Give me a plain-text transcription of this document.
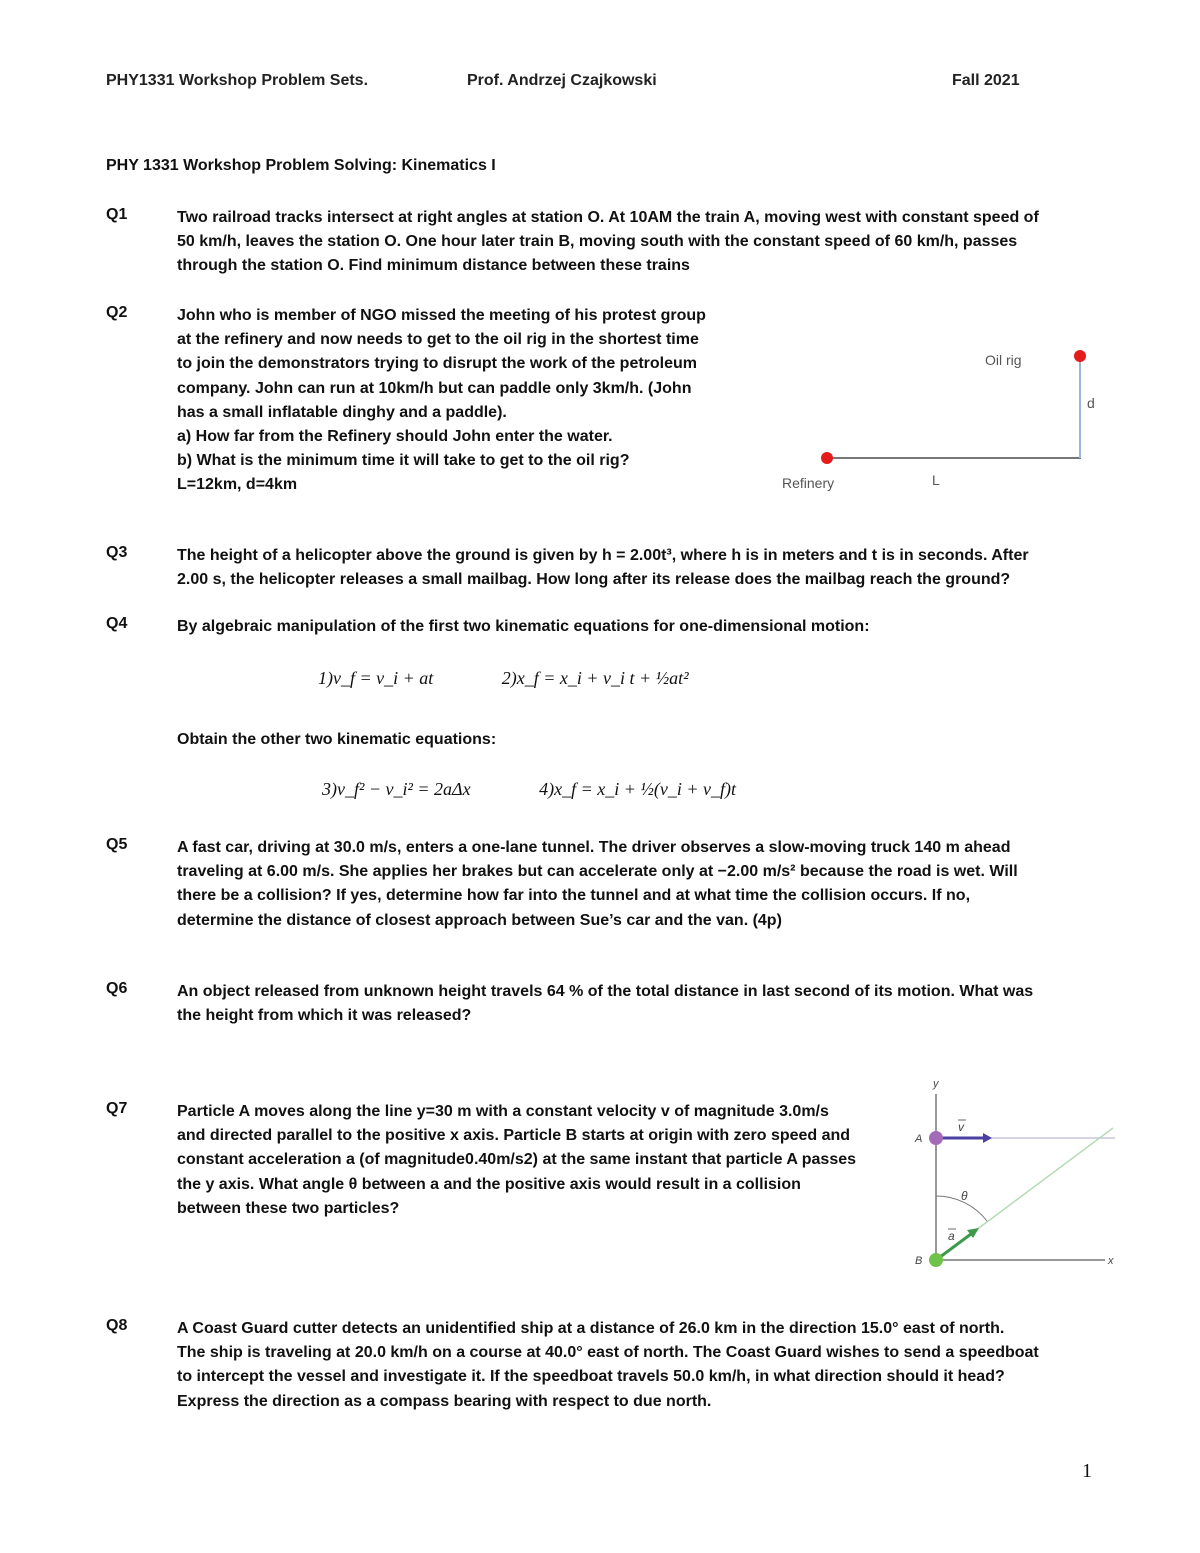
PHY1331 Workshop Problem Sets.	Prof. Andrzej Czajkowski	Fall 2021
PHY 1331 Workshop Problem Solving: Kinematics I
Q1	Two railroad tracks intersect at right angles at station O. At 10AM the train A, moving west with constant speed of
50 km/h, leaves the station O. One hour later train B, moving south with the constant speed of 60 km/h, passes
through the station O. Find minimum distance between these trains
Q2	John who is member of NGO missed the meeting of his protest group
at the refinery and now needs to get to the oil rig in the shortest time
to join the demonstrators trying to disrupt the work of the petroleum
company. John can run at 10km/h but can paddle only 3km/h. (John
has a small inflatable dinghy and a paddle).
a) How far from the Refinery should John enter the water.
b) What is the minimum time it will take to get to the oil rig?
L=12km, d=4km
Oil rig
d
Refinery	L
Q3	The height of a helicopter above the ground is given by h = 2.00t³, where h is in meters and t is in seconds. After
2.00 s, the helicopter releases a small mailbag. How long after its release does the mailbag reach the ground?
Q4	By algebraic manipulation of the first two kinematic equations for one-dimensional motion:
1)v_f = v_i + at	2)x_f = x_i + v_i t + ½at²
Obtain the other two kinematic equations:
3)v_f² − v_i² = 2aΔx	4)x_f = x_i + ½(v_i + v_f)t
Q5	A fast car, driving at 30.0 m/s, enters a one-lane tunnel. The driver observes a slow-moving truck 140 m ahead
traveling at 6.00 m/s. She applies her brakes but can accelerate only at −2.00 m/s² because the road is wet. Will
there be a collision? If yes, determine how far into the tunnel and at what time the collision occurs. If no,
determine the distance of closest approach between Sue’s car and the van. (4p)
Q6	An object released from unknown height travels 64 % of the total distance in last second of its motion. What was
the height from which it was released?
Q7	Particle A moves along the line y=30 m with a constant velocity v of magnitude 3.0m/s
and directed parallel to the positive x axis. Particle B starts at origin with zero speed and
constant acceleration a (of magnitude0.40m/s2) at the same instant that particle A passes
the y axis. What angle θ between a and the positive axis would result in a collision
between these two particles?
y
A
v
θ
a
B	x
Q8	A Coast Guard cutter detects an unidentified ship at a distance of 26.0 km in the direction 15.0° east of north.
The ship is traveling at 20.0 km/h on a course at 40.0° east of north. The Coast Guard wishes to send a speedboat
to intercept the vessel and investigate it. If the speedboat travels 50.0 km/h, in what direction should it head?
Express the direction as a compass bearing with respect to due north.
1
